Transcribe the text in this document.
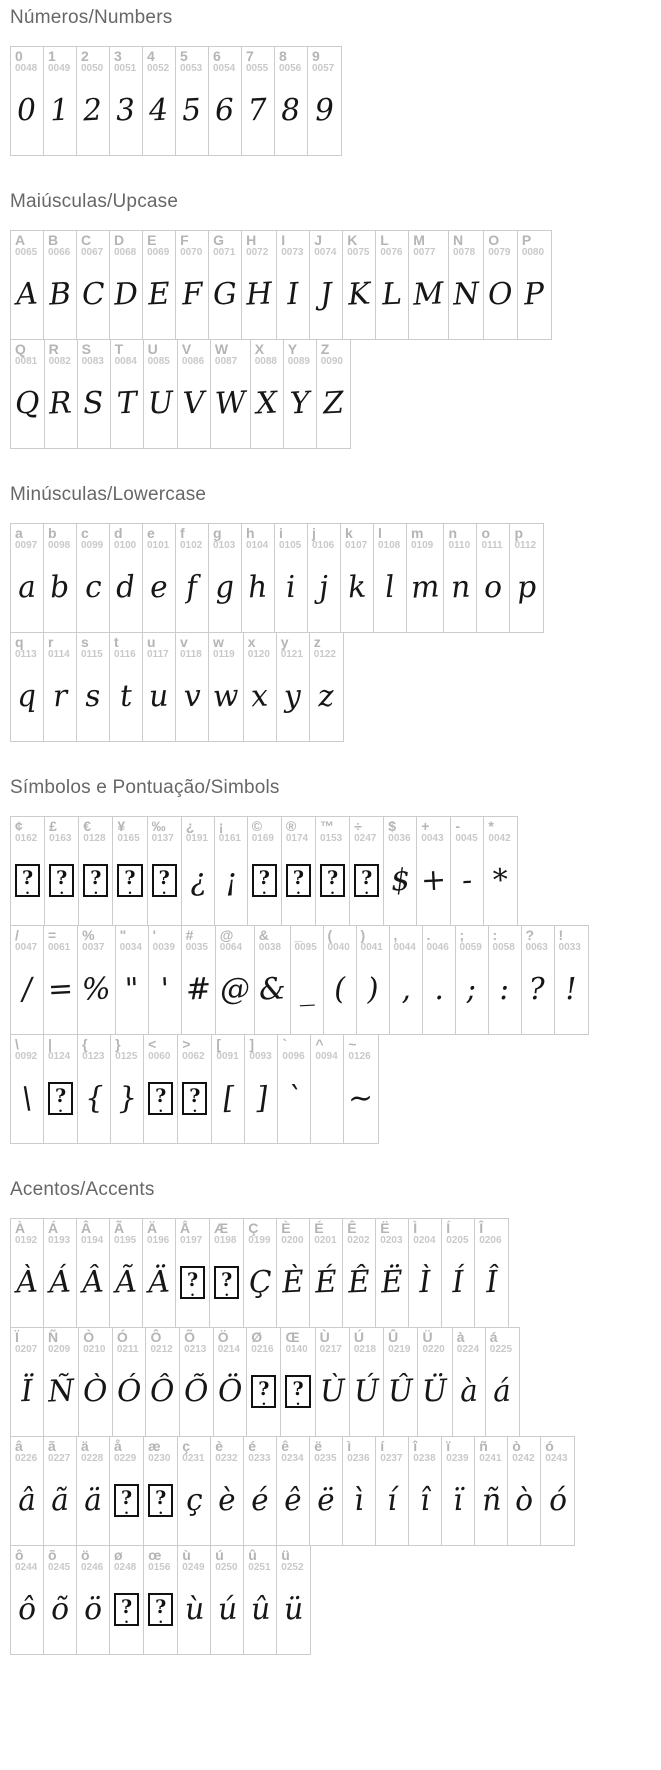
Números/Numbers
0
0048
0
1
0049
1
2
0050
2
3
0051
3
4
0052
4
5
0053
5
6
0054
6
7
0055
7
8
0056
8
9
0057
9
Maiúsculas/Upcase
A
0065
A
B
0066
B
C
0067
C
D
0068
D
E
0069
E
F
0070
F
G
0071
G
H
0072
H
I
0073
I
J
0074
J
K
0075
K
L
0076
L
M
0077
M
N
0078
N
O
0079
O
P
0080
P
Q
0081
Q
R
0082
R
S
0083
S
T
0084
T
U
0085
U
V
0086
V
W
0087
W
X
0088
X
Y
0089
Y
Z
0090
Z
Minúsculas/Lowercase
a
0097
a
b
0098
b
c
0099
c
d
0100
d
e
0101
e
f
0102
f
g
0103
g
h
0104
h
i
0105
i
j
0106
j
k
0107
k
l
0108
l
m
0109
m
n
0110
n
o
0111
o
p
0112
p
q
0113
q
r
0114
r
s
0115
s
t
0116
t
u
0117
u
v
0118
v
w
0119
w
x
0120
x
y
0121
y
z
0122
z
Símbolos e Pontuação/Simbols
¢
0162
? .
£
0163
? .
€
0128
? .
¥
0165
? .
‰
0137
? .
¿
0191
¿
¡
0161
¡
©
0169
? .
®
0174
? .
™
0153
? .
÷
0247
? .
$
0036
$
+
0043
+
-
0045
-
*
0042
*
/
0047
/
=
0061
=
%
0037
%
"
0034
"
'
0039
'
#
0035
#
@
0064
@
&
0038
&
_
0095
_
(
0040
(
)
0041
)
,
0044
,
.
0046
.
;
0059
;
:
0058
:
?
0063
?
!
0033
!
\
0092
\
|
0124
? .
{
0123
{
}
0125
}
<
0060
? .
>
0062
? .
[
0091
[
]
0093
]
`
0096
`
^
0094
~
0126
~
Acentos/Accents
À
0192
À
Á
0193
Á
Â
0194
Â
Ã
0195
Ã
Ä
0196
Ä
Å
0197
? .
Æ
0198
? .
Ç
0199
Ç
È
0200
È
É
0201
É
Ê
0202
Ê
Ë
0203
Ë
Ì
0204
Ì
Í
0205
Í
Î
0206
Î
Ï
0207
Ï
Ñ
0209
Ñ
Ò
0210
Ò
Ó
0211
Ó
Ô
0212
Ô
Õ
0213
Õ
Ö
0214
Ö
Ø
0216
? .
Œ
0140
? .
Ù
0217
Ù
Ú
0218
Ú
Û
0219
Û
Ü
0220
Ü
à
0224
à
á
0225
á
â
0226
â
ã
0227
ã
ä
0228
ä
å
0229
? .
æ
0230
? .
ç
0231
ç
è
0232
è
é
0233
é
ê
0234
ê
ë
0235
ë
ì
0236
ì
í
0237
í
î
0238
î
ï
0239
ï
ñ
0241
ñ
ò
0242
ò
ó
0243
ó
ô
0244
ô
õ
0245
õ
ö
0246
ö
ø
0248
? .
œ
0156
? .
ù
0249
ù
ú
0250
ú
û
0251
û
ü
0252
ü
